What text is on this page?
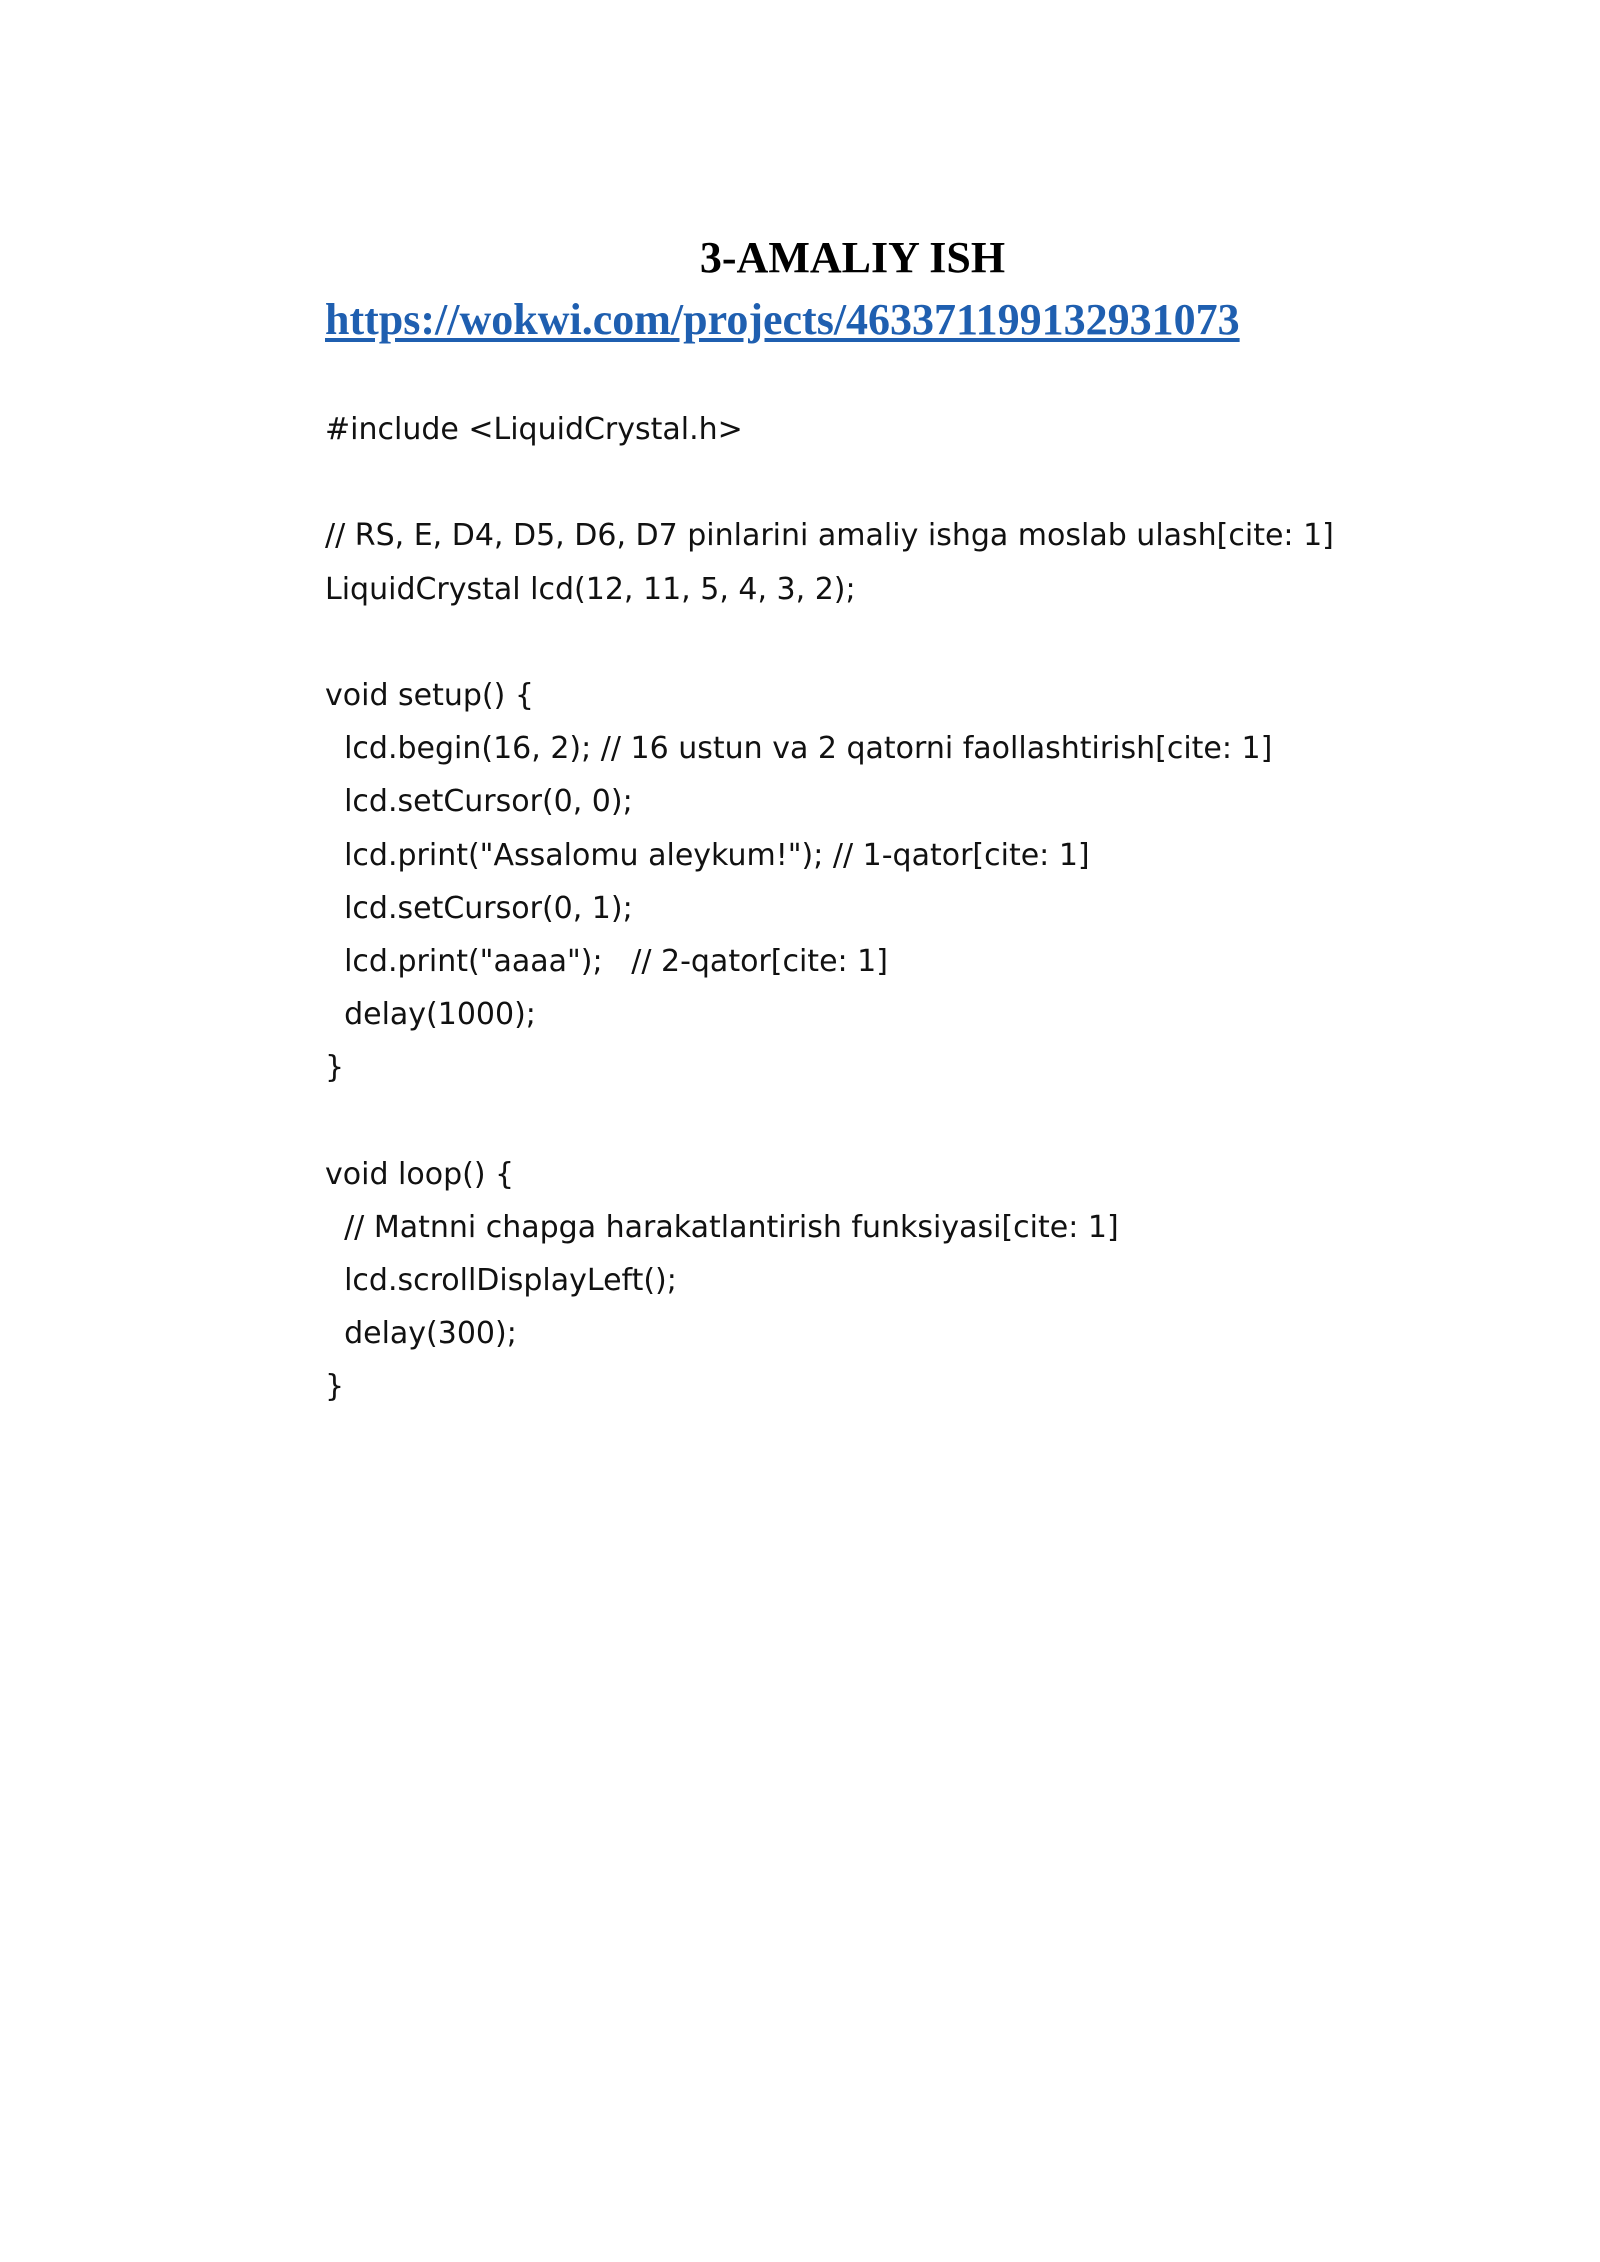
3-AMALIY ISH
https://wokwi.com/projects/463371199132931073
#include <LiquidCrystal.h>
// RS, E, D4, D5, D6, D7 pinlarini amaliy ishga moslab ulash[cite: 1]
LiquidCrystal lcd(12, 11, 5, 4, 3, 2);
void setup() {
lcd.begin(16, 2); // 16 ustun va 2 qatorni faollashtirish[cite: 1]
lcd.setCursor(0, 0);
lcd.print("Assalomu aleykum!"); // 1-qator[cite: 1]
lcd.setCursor(0, 1);
lcd.print("aaaa");   // 2-qator[cite: 1]
delay(1000);
}
void loop() {
// Matnni chapga harakatlantirish funksiyasi[cite: 1]
lcd.scrollDisplayLeft();
delay(300);
}
